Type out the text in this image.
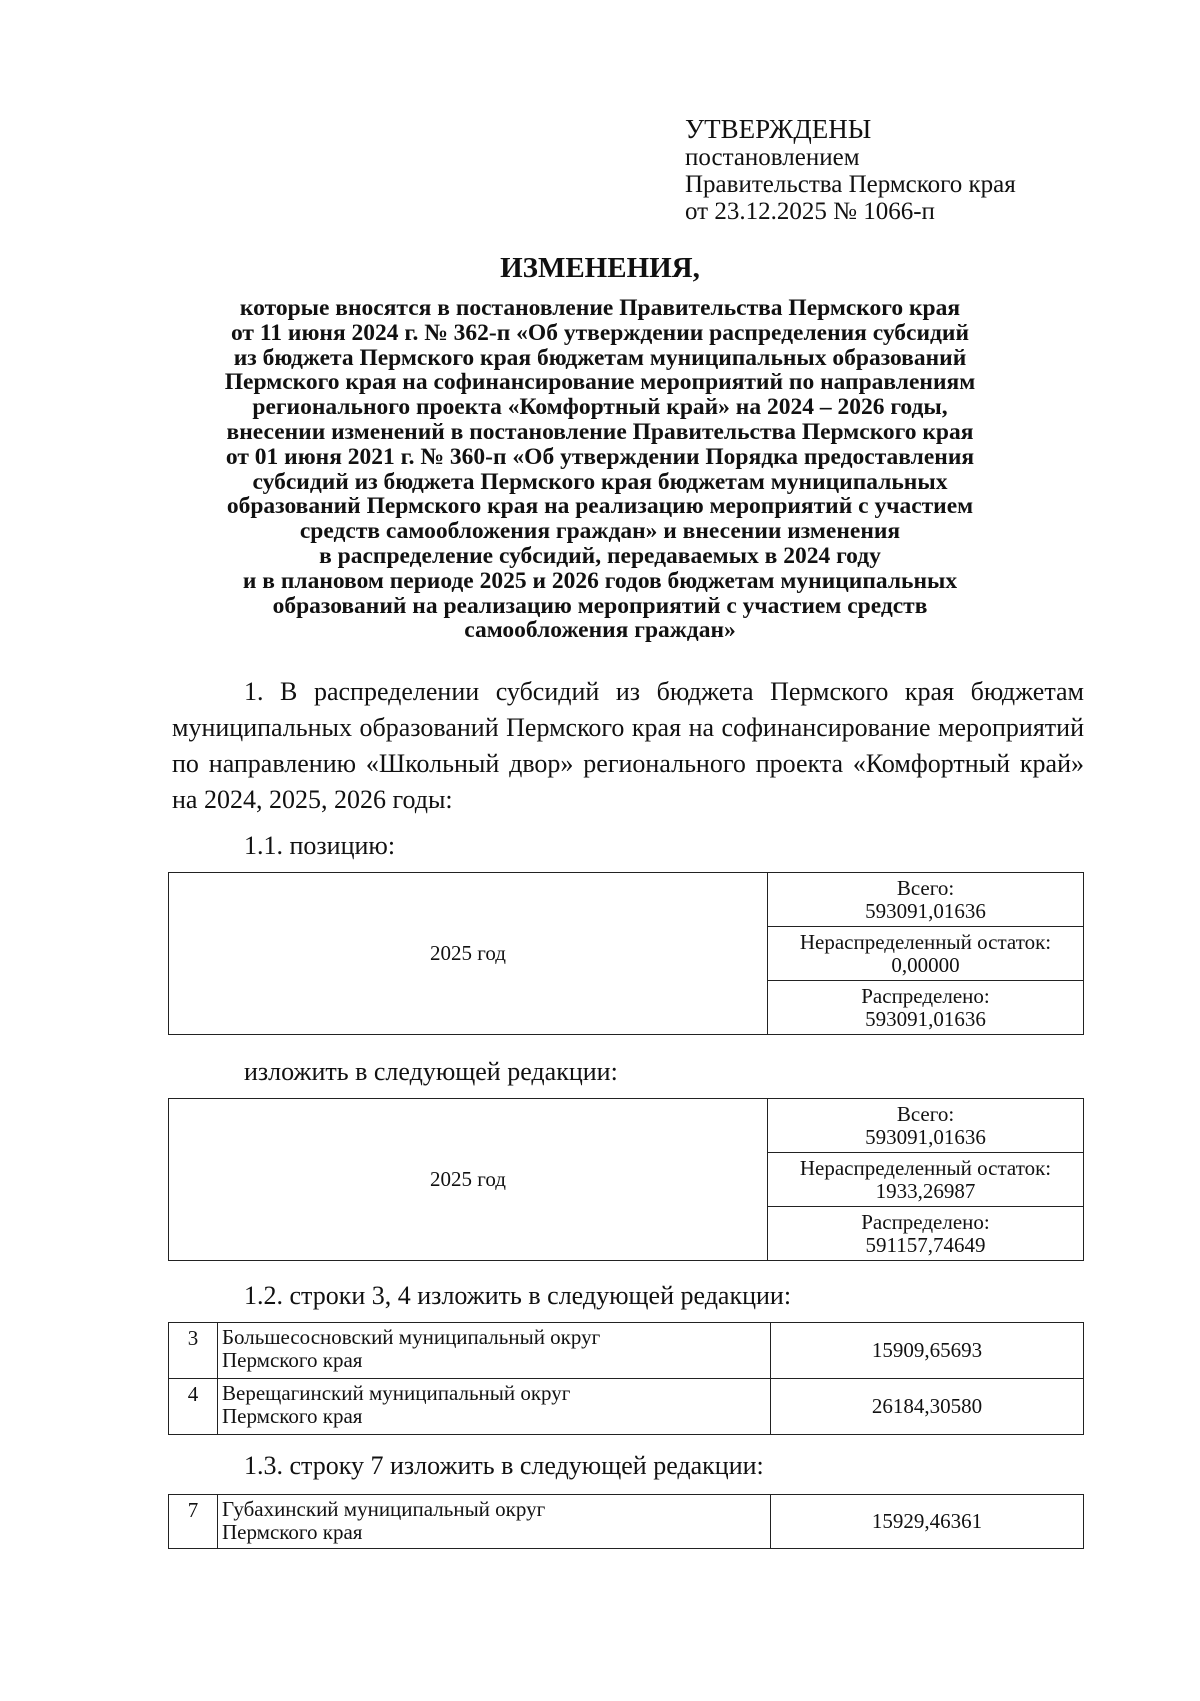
УТВЕРЖДЕНЫ
постановлением
Правительства Пермского края
от 23.12.2025 № 1066-п
ИЗМЕНЕНИЯ,
которые вносятся в постановление Правительства Пермского края
от 11 июня 2024 г. № 362-п «Об утверждении распределения субсидий
из бюджета Пермского края бюджетам муниципальных образований
Пермского края на софинансирование мероприятий по направлениям
регионального проекта «Комфортный край» на 2024 – 2026 годы,
внесении изменений в постановление Правительства Пермского края
от 01 июня 2021 г. № 360-п «Об утверждении Порядка предоставления
субсидий из бюджета Пермского края бюджетам муниципальных
образований Пермского края на реализацию мероприятий с участием
средств самообложения граждан» и внесении изменения
в распределение субсидий, передаваемых в 2024 году
и в плановом периоде 2025 и 2026 годов бюджетам муниципальных
образований на реализацию мероприятий с участием средств
самообложения граждан»

1. В распределении субсидий из бюджета Пермского края бюджетам муниципальных образований Пермского края на софинансирование мероприятий по направлению «Школьный двор» регионального проекта «Комфортный край» на 2024, 2025, 2026 годы:

1.1. позицию:
2025 год	
Всего:
593091,01636

Нераспределенный остаток:
0,00000

Распределено:
593091,01636
изложить в следующей редакции:
2025 год	
Всего:
593091,01636

Нераспределенный остаток:
1933,26987

Распределено:
591157,74649
1.2. строки 3, 4 изложить в следующей редакции:
3	Большесосновский муниципальный округ
Пермского края	15909,65693
4	Верещагинский муниципальный округ
Пермского края	26184,30580
1.3. строку 7 изложить в следующей редакции:
7	Губахинский муниципальный округ
Пермского края	15929,46361
